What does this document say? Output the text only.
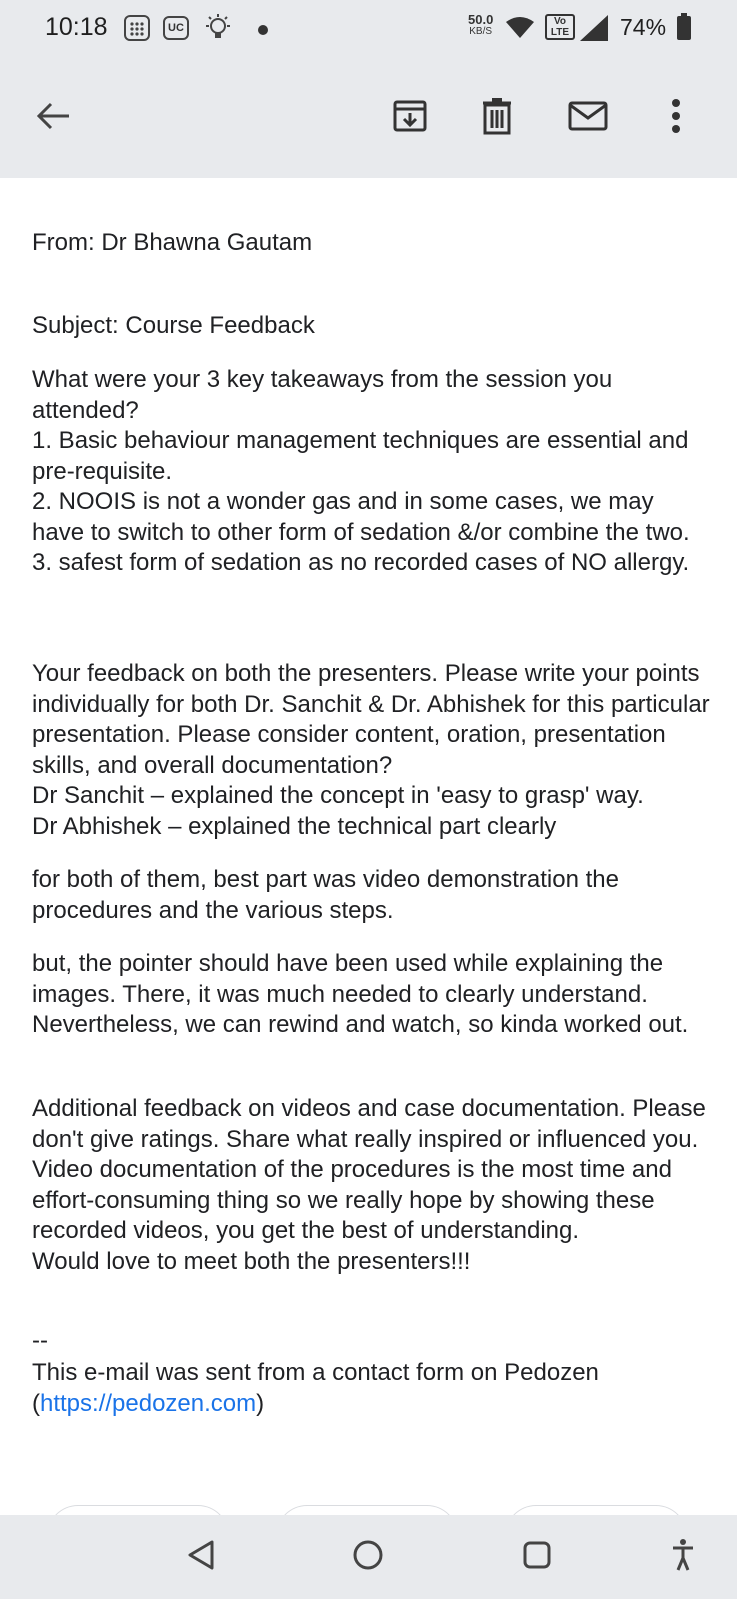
10:18	UC
50.0
KB/S
Vo LTE 74%

From: Dr Bhawna Gautam

Subject: Course Feedback

What were your 3 key takeaways from the session you attended?

1. Basic behaviour management techniques are essential and pre-requisite.

2. NOOIS is not a wonder gas and in some cases, we may have to switch to other form of sedation &/or combine the two.

3. safest form of sedation as no recorded cases of NO allergy.

Your feedback on both the presenters. Please write your points individually for both Dr. Sanchit & Dr. Abhishek for this particular presentation. Please consider content, oration, presentation skills, and overall documentation?

Dr Sanchit – explained the concept in 'easy to grasp' way.

Dr Abhishek – explained the technical part clearly

for both of them, best part was video demonstration the procedures and the various steps.

but, the pointer should have been used while explaining the images. There, it was much needed to clearly understand. Nevertheless, we can rewind and watch, so kinda worked out.

Additional feedback on videos and case documentation. Please don't give ratings. Share what really inspired or influenced you. Video documentation of the procedures is the most time and effort-consuming thing so we really hope by showing these recorded videos, you get the best of understanding.

Would love to meet both the presenters!!!

--

This e-mail was sent from a contact form on Pedozen

(https://pedozen.com)
